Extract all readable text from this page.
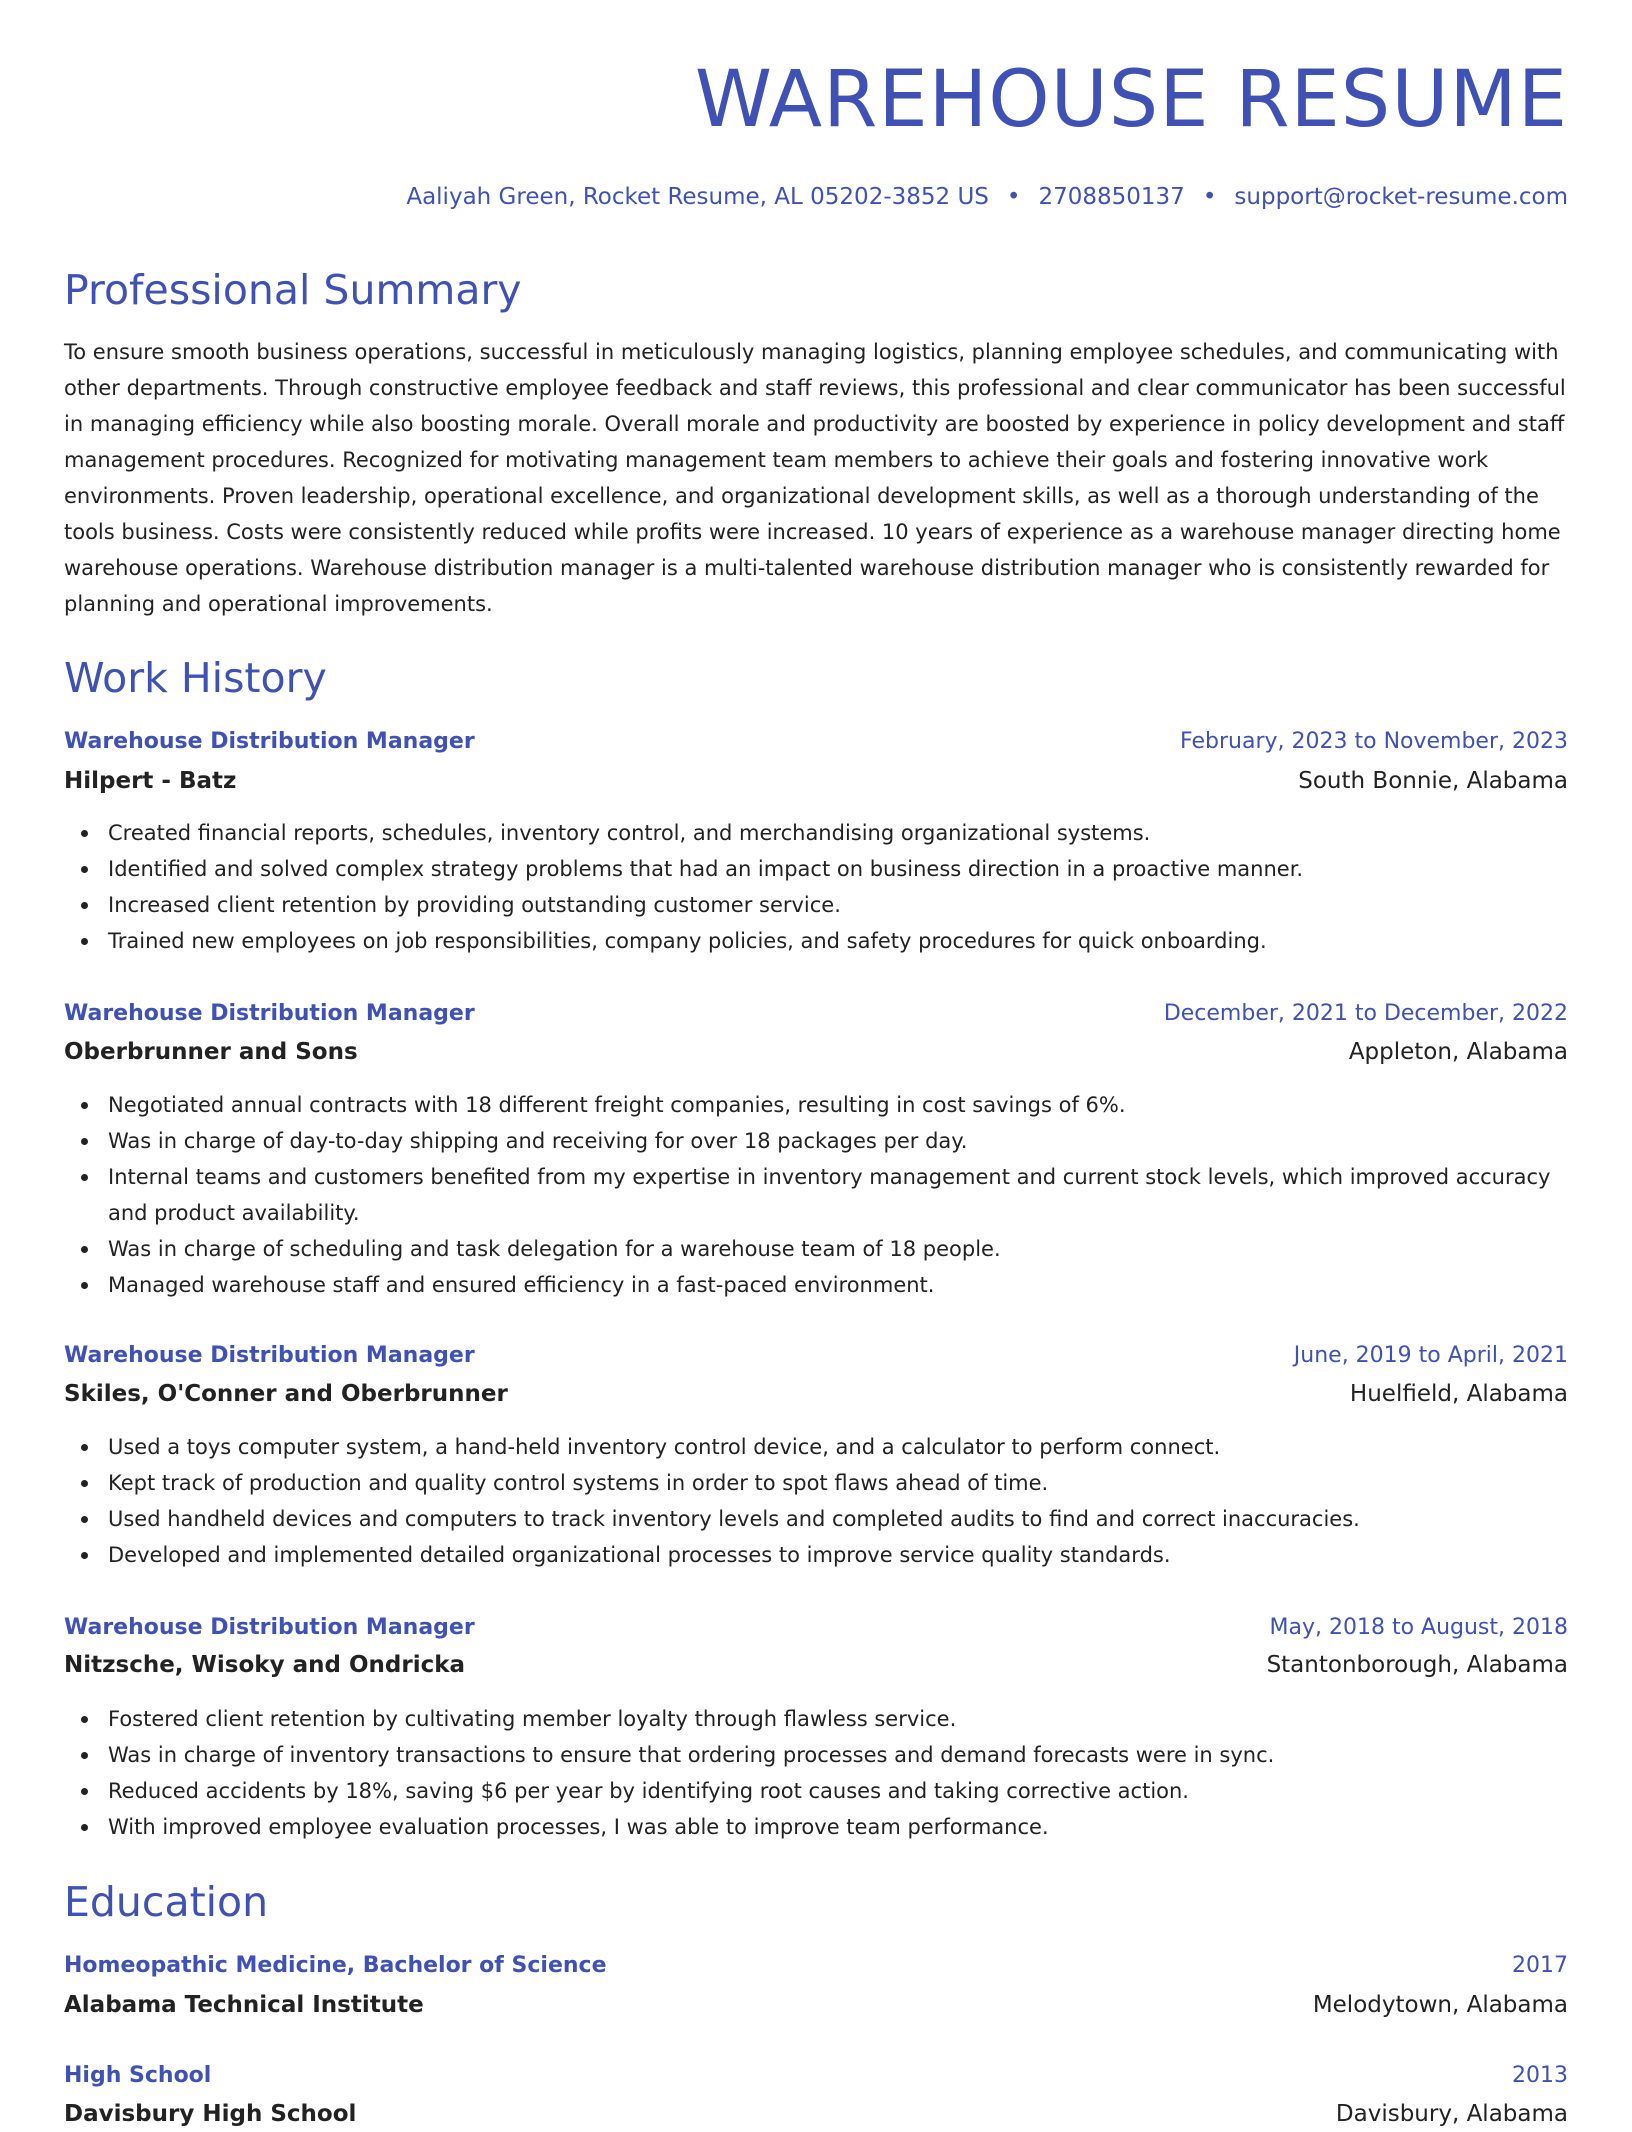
WAREHOUSE RESUME
Aaliyah Green, Rocket Resume, AL 05202-3852 US • 2708850137 • support@rocket-resume.com
Professional Summary

To ensure smooth business operations, successful in meticulously managing logistics, planning employee schedules, and communicating with other departments. Through constructive employee feedback and staff reviews, this professional and clear communicator has been successful in managing efficiency while also boosting morale. Overall morale and productivity are boosted by experience in policy development and staff management procedures. Recognized for motivating management team members to achieve their goals and fostering innovative work environments. Proven leadership, operational excellence, and organizational development skills, as well as a thorough understanding of the tools business. Costs were consistently reduced while profits were increased. 10 years of experience as a warehouse manager directing home warehouse operations. Warehouse distribution manager is a multi-talented warehouse distribution manager who is consistently rewarded for planning and operational improvements.

Work History
Warehouse Distribution Manager	February, 2023 to November, 2023
Hilpert - Batz	South Bonnie, Alabama
Created financial reports, schedules, inventory control, and merchandising organizational systems.
Identified and solved complex strategy problems that had an impact on business direction in a proactive manner.
Increased client retention by providing outstanding customer service.
Trained new employees on job responsibilities, company policies, and safety procedures for quick onboarding.
Warehouse Distribution Manager	December, 2021 to December, 2022
Oberbrunner and Sons	Appleton, Alabama
Negotiated annual contracts with 18 different freight companies, resulting in cost savings of 6%.
Was in charge of day-to-day shipping and receiving for over 18 packages per day.
Internal teams and customers benefited from my expertise in inventory management and current stock levels, which improved accuracy and product availability.
Was in charge of scheduling and task delegation for a warehouse team of 18 people.
Managed warehouse staff and ensured efficiency in a fast-paced environment.
Warehouse Distribution Manager	June, 2019 to April, 2021
Skiles, O'Conner and Oberbrunner	Huelfield, Alabama
Used a toys computer system, a hand-held inventory control device, and a calculator to perform connect.
Kept track of production and quality control systems in order to spot flaws ahead of time.
Used handheld devices and computers to track inventory levels and completed audits to find and correct inaccuracies.
Developed and implemented detailed organizational processes to improve service quality standards.
Warehouse Distribution Manager	May, 2018 to August, 2018
Nitzsche, Wisoky and Ondricka	Stantonborough, Alabama
Fostered client retention by cultivating member loyalty through flawless service.
Was in charge of inventory transactions to ensure that ordering processes and demand forecasts were in sync.
Reduced accidents by 18%, saving $6 per year by identifying root causes and taking corrective action.
With improved employee evaluation processes, I was able to improve team performance.
Education
Homeopathic Medicine, Bachelor of Science	2017
Alabama Technical Institute	Melodytown, Alabama
High School	2013
Davisbury High School	Davisbury, Alabama
